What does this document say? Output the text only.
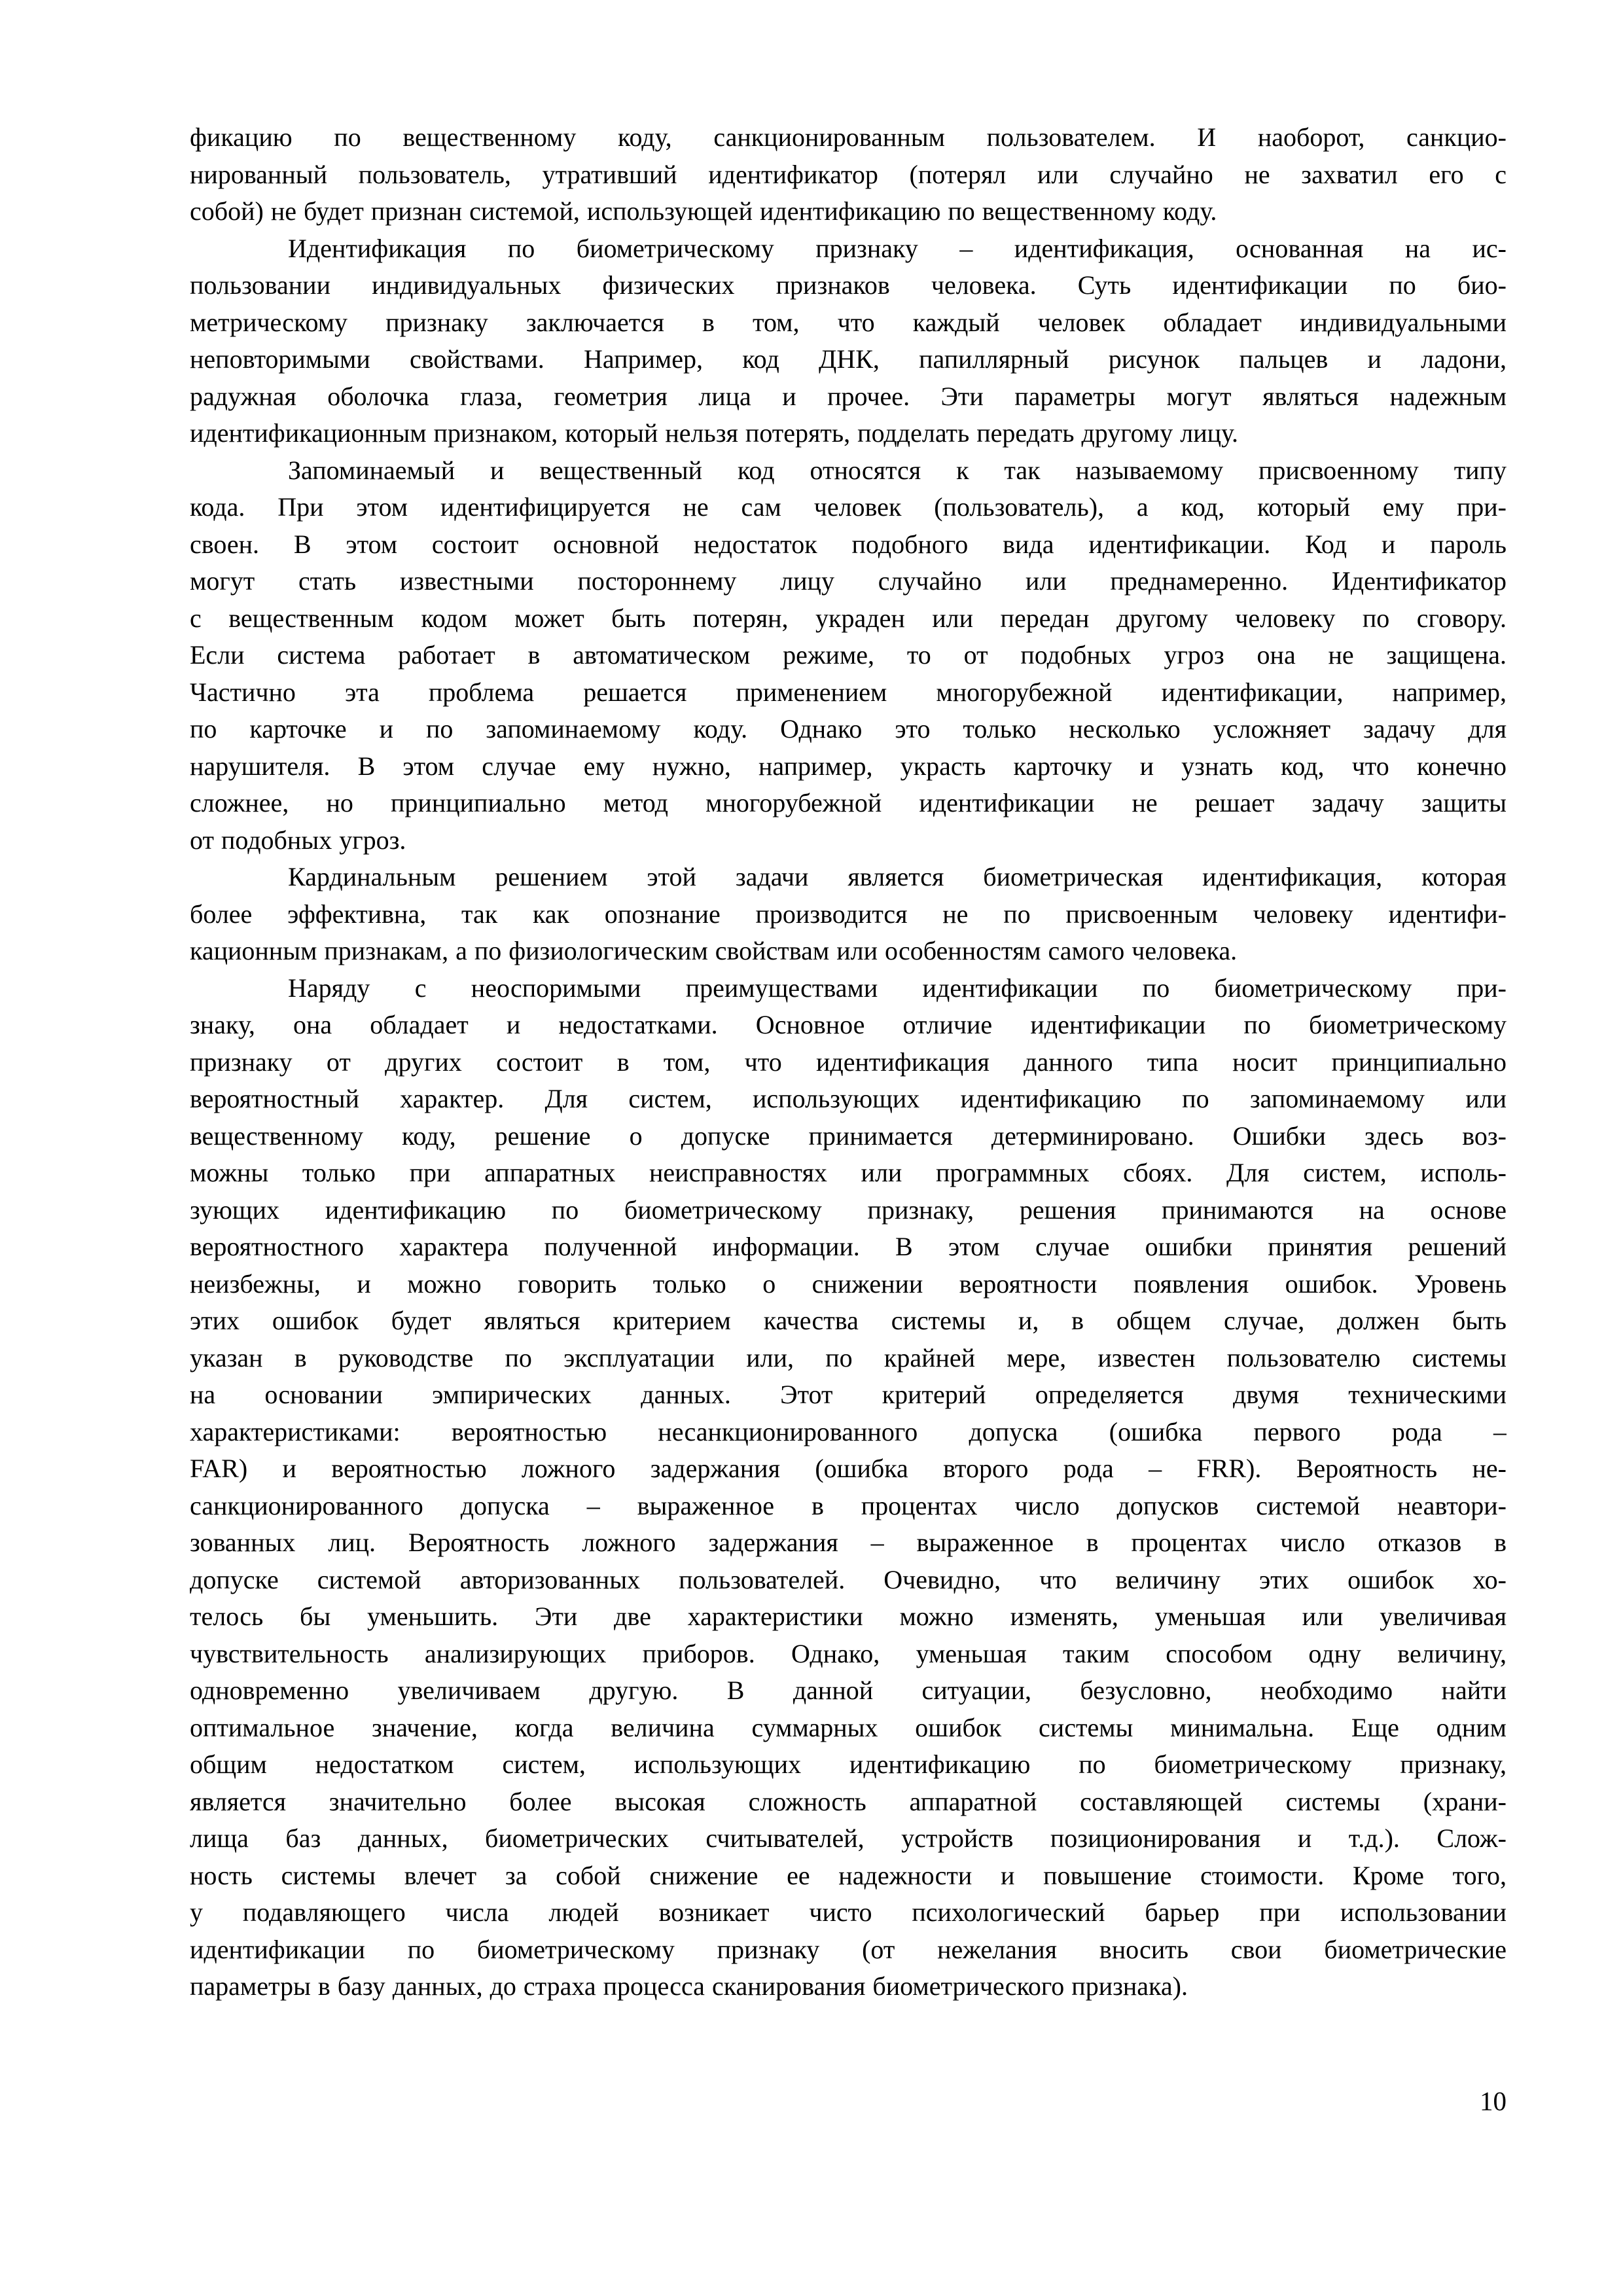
фикацию по вещественному коду, санкционированным пользователем. И наоборот, санкцио-
нированный пользователь, утративший идентификатор (потерял или случайно не захватил его с
собой) не будет признан системой, использующей идентификацию по вещественному коду.
Идентификация по биометрическому признаку – идентификация, основанная на ис-
пользовании индивидуальных физических признаков человека. Суть идентификации по био-
метрическому признаку заключается в том, что каждый человек обладает индивидуальными
неповторимыми свойствами. Например, код ДНК, папиллярный рисунок пальцев и ладони,
радужная оболочка глаза, геометрия лица и прочее. Эти параметры могут являться надежным
идентификационным признаком, который нельзя потерять, подделать передать другому лицу.
Запоминаемый и вещественный код относятся к так называемому присвоенному типу
кода. При этом идентифицируется не сам человек (пользователь), а код, который ему при-
своен. В этом состоит основной недостаток подобного вида идентификации. Код и пароль
могут стать известными постороннему лицу случайно или преднамеренно. Идентификатор
с вещественным кодом может быть потерян, украден или передан другому человеку по сговору.
Если система работает в автоматическом режиме, то от подобных угроз она не защищена.
Частично эта проблема решается применением многорубежной идентификации, например,
по карточке и по запоминаемому коду. Однако это только несколько усложняет задачу для
нарушителя. В этом случае ему нужно, например, украсть карточку и узнать код, что конечно
сложнее, но принципиально метод многорубежной идентификации не решает задачу защиты
от подобных угроз.
Кардинальным решением этой задачи является биометрическая идентификация, которая
более эффективна, так как опознание производится не по присвоенным человеку идентифи-
кационным признакам, а по физиологическим свойствам или особенностям самого человека.
Наряду с неоспоримыми преимуществами идентификации по биометрическому при-
знаку, она обладает и недостатками. Основное отличие идентификации по биометрическому
признаку от других состоит в том, что идентификация данного типа носит принципиально
вероятностный характер. Для систем, использующих идентификацию по запоминаемому или
вещественному коду, решение о допуске принимается детерминировано. Ошибки здесь воз-
можны только при аппаратных неисправностях или программных сбоях. Для систем, исполь-
зующих идентификацию по биометрическому признаку, решения принимаются на основе
вероятностного характера полученной информации. В этом случае ошибки принятия решений
неизбежны, и можно говорить только о снижении вероятности появления ошибок. Уровень
этих ошибок будет являться критерием качества системы и, в общем случае, должен быть
указан в руководстве по эксплуатации или, по крайней мере, известен пользователю системы
на основании эмпирических данных. Этот критерий определяется двумя техническими
характеристиками: вероятностью несанкционированного допуска (ошибка первого рода –
FAR) и вероятностью ложного задержания (ошибка второго рода – FRR). Вероятность не-
санкционированного допуска – выраженное в процентах число допусков системой неавтори-
зованных лиц. Вероятность ложного задержания – выраженное в процентах число отказов в
допуске системой авторизованных пользователей. Очевидно, что величину этих ошибок хо-
телось бы уменьшить. Эти две характеристики можно изменять, уменьшая или увеличивая
чувствительность анализирующих приборов. Однако, уменьшая таким способом одну величину,
одновременно увеличиваем другую. В данной ситуации, безусловно, необходимо найти
оптимальное значение, когда величина суммарных ошибок системы минимальна. Еще одним
общим недостатком систем, использующих идентификацию по биометрическому признаку,
является значительно более высокая сложность аппаратной составляющей системы (храни-
лища баз данных, биометрических считывателей, устройств позиционирования и т.д.). Слож-
ность системы влечет за собой снижение ее надежности и повышение стоимости. Кроме того,
у подавляющего числа людей возникает чисто психологический барьер при использовании
идентификации по биометрическому признаку (от нежелания вносить свои биометрические
параметры в базу данных, до страха процесса сканирования биометрического признака).
10
